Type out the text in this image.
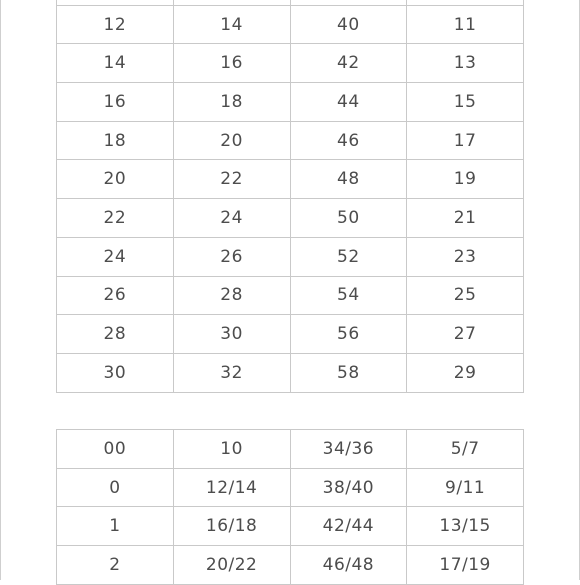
12	14	40	11
14	16	42	13
16	18	44	15
18	20	46	17
20	22	48	19
22	24	50	21
24	26	52	23
26	28	54	25
28	30	56	27
30	32	58	29
00	10	34/36	5/7
0	12/14	38/40	9/11
1	16/18	42/44	13/15
2	20/22	46/48	17/19
